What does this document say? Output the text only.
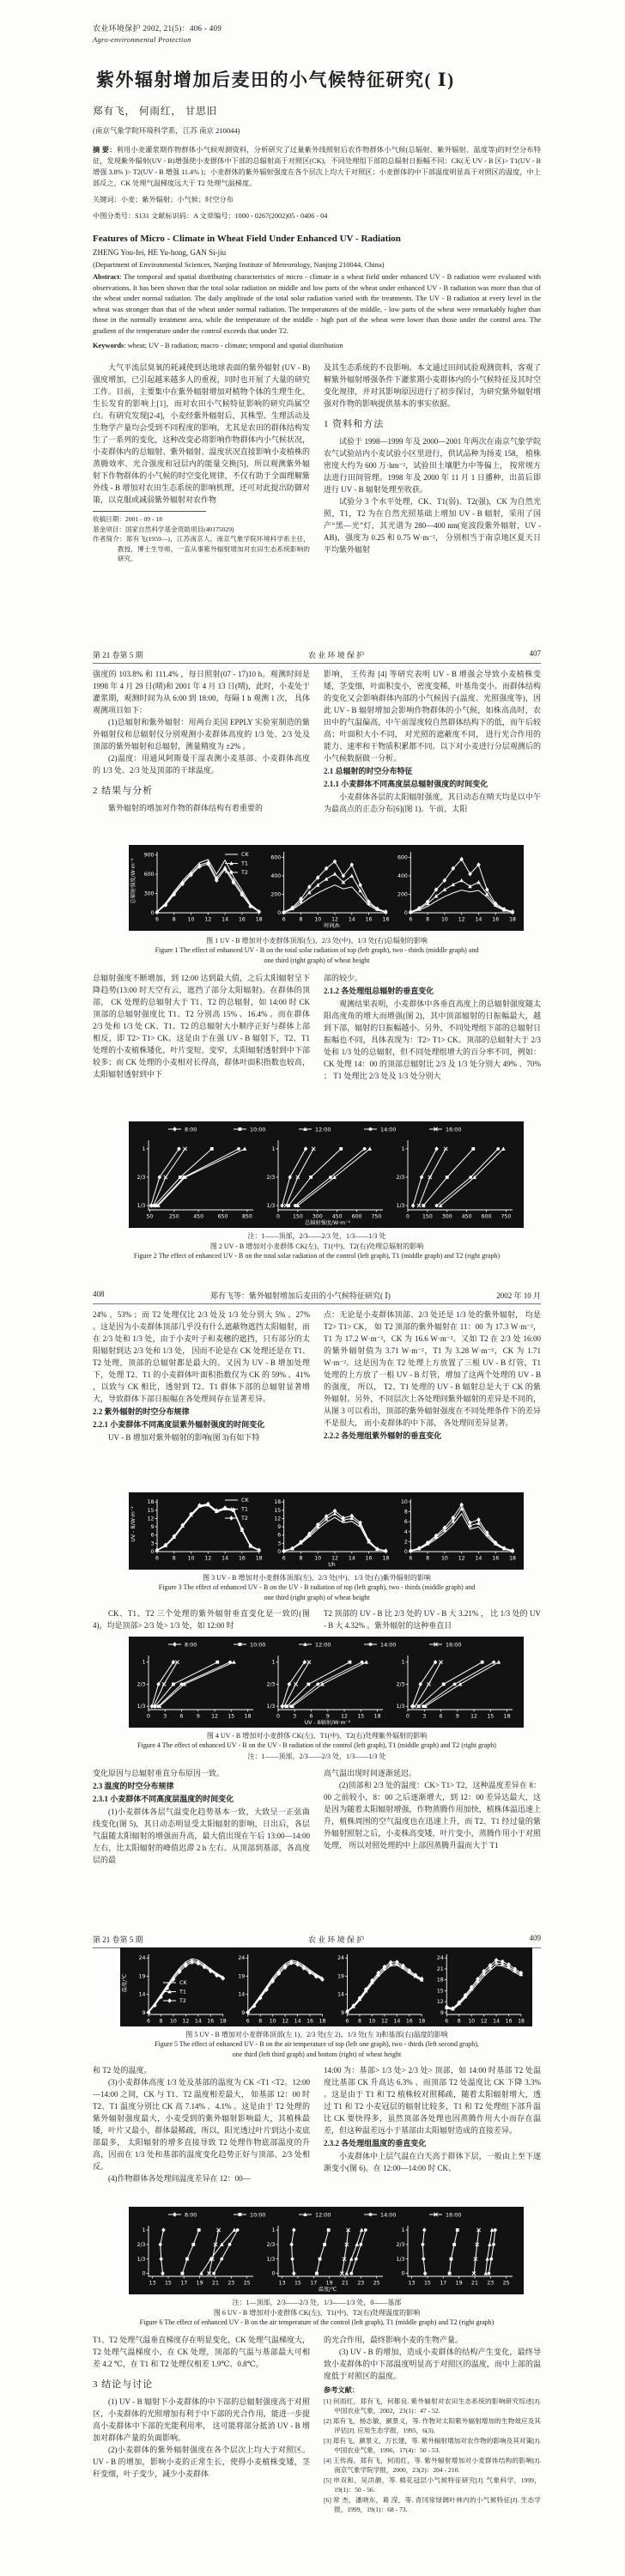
农业环境保护 2002, 21(5)：406 - 409
Agro-environmental Protection
紫外辐射增加后麦田的小气候特征研究( Ⅰ)
郑有飞， 何雨红， 甘思旧
(南京气象学院环境科学系，江苏 南京 210044)

摘 要：利用小麦灌浆期作物群体小气候观测资料，分析研究了过量紫外线照射后农作物群体小气候(总辐射、紫外辐射、温度等)的时空分布特征，发现紫外辐射(UV - B)增强使小麦群体中下部的总辐射高于对照区(CK)，不同处理组下部的总辐射日振幅不同：CK(无 UV - B 区)> T1(UV - B 增强 3.8% )> T2(UV - B 增强 11.4% )；小麦群体的紫外辐射强度在各个层次上均大于对照区；小麦群体的中下部温度明显高于对照区的温度，中上部反之，CK 处理气温梯度远大于 T2 处理气温梯度。

关键词：小麦；紫外辐射；小气候；时空分布

中图分类号：S131 文献标识码：A 文章编号：1000 - 0267(2002)05 - 0406 - 04

Features of Micro - Climate in Wheat Field Under Enhanced UV - Radiation
ZHENG You-fei, HE Yu-hong, GAN Si-jiu
(Department of Environmental Sciences, Nanjing Institute of Meteorology, Nanjing 210044, China)

Abstract: The temporal and spatial distributing characteristics of micro - climate in a wheat field under enhanced UV - B radiation were evaluated with observations. It has been shown that the total solar radiation on middle and low parts of the wheat under enhanced UV - B radiation was more than that of the wheat under normal radiation. The daily amplitude of the total solar radiation varied with the treatments. The UV - B radiation at every level in the wheat was stronger than that of the wheat under normal radiation. The temperatures of the middle, - low parts of the wheat were remarkably higher than those in the normally treatment area, while the temperature of the middle - high part of the wheat were lower than those under the control area. The gradient of the temperature under the control exceeds that under T2.

Keywords: wheat; UV - B radiation; macro - climate; temporal and spatial distribution

大气平流层臭氧的耗减使到达地球表面的紫外辐射 (UV - B) 强度增加，已引起越来越多人的重视，同时也开展了大量的研究工作。目前，主要集中在紫外辐射增加对植物个体的生理生化、生长发育的影响上[1]，而对农田小气候特征影响的研究尚属空白。有研究发现[2-4]，小麦经紫外辐射后，其株型、生理活动及生物学产量均会受到不同程度的影响，尤其是农田的群体结构发生了一系列的变化，这种改变必将影响作物群体内小气候状况，小麦群体内的总辐射、紫外辐射、温度状况直接影响小麦植株的蒸腾效率、光合强度和冠层内的能量交换[5]，所以观测紫外辐射下作物群体的小气候的时空变化规律，不仅有助于全面理解紫外线 - B 增加对农田生态系统的影响机理，还可对此提出防御对策，以克服或减弱紫外辐射对农作物

收稿日期：2001 - 09 - 18

基金项目：国家自然科学基金资助项目(40175029)

作者简介：郑有飞(1959—)，江苏南京人，南京气象学院环境科学系主任，教授，博士生导师，一直从事紫外辐射增加对农田生态系统影响的研究。

及其生态系统的不良影响。本文通过田间试验观测资料，客观了解紫外辐射增强条件下灌浆期小麦群体内的小气候特征及其时空变化规律，并对其影响原因进行了初步探讨，为研究紫外辐射增强对作物的影响提供基本的事实依据。

1 资料和方法

试验于 1998—1999 年及 2000—2001 年两次在南京气象学院农气试验站内小麦试验小区里进行，供试品种为扬麦 158， 植株密度大约为 600 万·hm⁻²，试验田土壤肥力中等偏上， 按常规方法进行田间管理。1998 年及 2000 年 11 月 1 日播种，出苗后即进行 UV - B 辐射处理至收获。

试验分 3 个水平处理，CK、T1(弱)、T2(强)，CK 为自然光照，T1，T2 为在自然光照基础上增加 UV - B 辐射，采用了国产“黑—光”灯，其光谱为 280—400 nm(宽波段紫外辐射，UV - AB)，强度为 0.25 和 0.75 W·m⁻²， 分别相当于南京地区夏天日平均紫外辐射

第 21 卷第 5 期	农 业 环 境 保 护	407

强度的 103.8% 和 111.4% ，每日照射(07 - 17)10 h。观测时间是 1998 年 4 月 29 日(晴)和 2001 年 4 月 13 日(晴)，此时，小麦处于灌浆期，观测时间为从 6:00 到 18:00，每隔 1 h 观测 1 次， 具体观测项目如下：

(1)总辐射和紫外辐射：用两台美国 EPPLY 实验室制造的紫外辐射仪和总辐射仪分别观测小麦群体高度的 1/3 处、2/3 处及顶部的紫外辐射和总辐射，测量精度为 ±2% 。

(2)温度：用通风阿斯曼干湿表测小麦基部、小麦群体高度的 1/3 处、2/3 处及顶部的干球温度。

2 结果与分析

紫外辐射的增加对作物的群体结构有着重要的

影响， 王传海 [4] 等研究表明 UV - B 增强会导致小麦植株变矮，茎变细，叶面积变小，密度变稀，叶基角变小。而群体结构的变化又会影响群体内部的小气候因子(温度、光照强度等)，因此 UV - B 辐射增加会影响作物群体的小气候，如株高高时，农田中的气温偏高，中午前湿度较自然群体结构下的低，而午后较高；叶面积大小不同， 对光照的遮蔽度不同， 进行光合作用的能力、速率和干物质积累都不同。以下对小麦进行分层观测后的小气候数据做一分析。

2.1 总辐射的时空分布特征

2.1.1 小麦群体不同高度层总辐射强度的时间变化

小麦群体各层的太阳辐射强度，其日动态在晴天均是以中午为最高点的正态分布[6](图 1)。午前，太阳

0
300
600
900
6	8 10 12 14 16 18
0
200
400
600
6	8 10 12 14 16 18
0
200
400
600
6	8 10 12 14 16 18
总辐射强度/W·m⁻²
时间/h
CK
T1
T2

图 1 UV - B 增加对小麦群体顶部(左)、2/3 处(中)、1/3 处(右)总辐射的影响

Figure 1 The effect of enhanced UV - B on the total solar radiation of top (left graph), two - thirds (middle graph) and

one third (right graph) of wheat height

总辐射强度不断增加，到 12:00 达到最大值，之后太阳辐射呈下降趋势(13:00 时天空有云，遮挡了部分太阳辐射)。在群体的顶部， CK 处理的总辐射大于 T1、T2 的总辐射，如 14:00 时 CK 顶部的总辐射强度比 T1、T2 分别高 15% 、16.4% 。而在群体 2/3 处和 1/3 处 CK、T1、T2 的总辐射大小顺序正好与群体上部相反，即 T2> T1> CK。这是由于在强 UV - B 辐射下，T2、T1 处理的小麦植株矮化，叶片变短、变窄，太阳辐射透射到中下部较多；而 CK 处理的小麦相对长得高，群体叶面积指数也较高，太阳辐射透射到中下

部的较少。

2.1.2 各处理组总辐射的垂直变化

观测结果表明，小麦群体中各垂直高度上的总辐射强度随太阳高度角的增大而增强(图 2)，其中顶部辐射的日振幅最大，越到下部，辐射的日振幅越小。另外，不同处理组下部的总辐射日振幅也不同，具体表现为：T2> T1> CK。顶部的总辐射大于 2/3 处和 1/3 处的总辐射，但不同处理组增大的百分率不同，例如：CK 处理 14：00 的顶部总辐射比 2/3 及 1/3 处分别大 49% 、70% ； T1 处理比 2/3 处及 1/3 处分别大

1/3
2/3
1
50	250	450	650	850
1/3
2/3
1
0 150 300 450 600 750
1/3
2/3
1
0 150 300 450 600 750
总辐射强度/W·m⁻²
8:00	10:00	12:00	14:00	16:00

注：1——顶部，2/3——2/3 处，1/3——1/3 处

图 2 UV - B 增加对小麦群体 CK(左)、T1(中)、T2(右)处理总辐射的影响

Figure 2 The effect of enhanced UV - B on the total solar radiation of the control (left graph), T1 (middle graph) and T2 (right graph)

408	郑有飞等：紫外辐射增加后麦田的小气候特征研究( Ⅰ)	2002 年 10 月

24% 、53% ；而 T2 处理仅比 2/3 处及 1/3 处分别大 5% 、27% 。这是因为小麦群体顶部几乎没有什么遮蔽物遮挡太阳辐射，而在 2/3 处和 1/3 处，由于小麦叶子和麦穗的遮挡，只有部分的太阳辐射到达 2/3 处和 1/3 处， 因而不论是在 CK 处理还是在 T1、T2 处理，顶部的总辐射都是最大的。又因为 UV - B 增加处理下，处理 T2、T1 的小麦群体叶面积指数仅为 CK 的 59% 、41% ，以致与 CK 相比，透射到 T2、T1 群体下部的总辐射显著增大，导致群体下部日振幅在各处理间存在显著差异。

2.2 紫外辐射的时空分布规律

2.2.1 小麦群体不同高度层紫外辐射强度的时间变化

UV - B 增加对紫外辐射的影响(图 3)有如下特

点：无论是小麦群体顶部、2/3 处还是 1/3 处的紫外辐射， 均是 T2> T1> CK， 如 T2 顶部的紫外辐射在 11：00 为 17.3 W·m⁻²，T1 为 17.2 W·m⁻²，CK 为 16.6 W·m⁻²。又如 T2 在 2/3 处 16:00 的紫外辐射值为 3.71 W·m⁻²，T1 为 3.28 W·m⁻²，CK 为 1.71 W·m⁻²。这是因为在 T2 处理上方放置了三根 UV - B 灯管，T1 处理的上方放了一根 UV - B 灯管，增加了这两个处理的 UV - B 的强度， 所以， T2、T1 处理的 UV - B 辐射总是大于 CK 的紫外辐射。另外，不同层次上各处理间紫外辐射的差异是不同的，从图 3 可以看出，顶部的紫外辐射强度在不同处理条件下的差异不是很大， 而小麦群体的中下部， 各处理间差异显著。

2.2.2 各处理组紫外辐射的垂直变化

0
3
6
9
12
15
18
6	8 10 12 14 16 18
0
3
6
9
12
15
18
6	8 10 12 14 16 18
0
2
4
6
8
10
6	8 10 12 14 16 18
UV - B/W·m⁻²
t/h
CK
T1
T2

图 3 UV - B 增加对小麦群体顶部(左)、2/3 处(中)、1/3 处(右)紫外辐射的影响

Figure 3 The effect of enhanced UV - B on the UV - B radiation of top (left graph), two - thirds (middle graph) and

one third (right graph) of wheat height

CK、T1、T2 三个处理的紫外辐射垂直变化是一致的(图 4)，均是顶部> 2/3 处> 1/3 处，如 12:00 时

T2 顶部的 UV - B 比 2/3 处的 UV - B 大 3.21% ， 比 1/3 处的 UV - B 大 4.32% 。紫外辐射的这种垂直日

1/3
2/3
1
0 3 6 9 12 15 18
1/3
2/3
1
0 3 6 9 12 15 18
1/3
2/3
1
0 3 6 9 12 15 18
UV - B辐射/W·m⁻²
8:00	10:00	12:00	14:00	16:00

图 4 UV - B 增加对小麦群体 CK(左)、T1(中)、T2(右)处理紫外辐射的影响

Figure 4 The effect of enhanced UV - B on the UV - B radiation of the control (left graph), T1 (middle graph) and T2 (right graph)

注：1——顶部，2/3——2/3 处，1/3——1/3 处

变化原因与总辐射垂直分布原因一致。

2.3 温度的时空分布规律

2.3.1 小麦群体不同高度层温度的时间变化

(1)小麦群体各层气温变化趋势基本一致，大致呈一正弦曲线变化(图 5)，其日动态明显受太阳辐射的影响，日出后，各层气温随太阳辐射的增强而升高，最大值出现在午后 13:00—14:00 左右，比太阳辐射的峰值迟滞 2 h 左右。从顶部到基部，各高度层的最

高气温出现时间逐渐延迟。

(2)顶部和 2/3 处的温度：CK> T1> T2，这种温度差异在 8：00 之前较小，8：00 之后逐渐增大，到 12：00 差异达最大，这是因为随着太阳辐射增强，作物蒸腾作用加快，植株体温迅速上升，植株周围的空气温度也在迅速上升，而 T2、T1 经过量的紫外辐射照射之后，小麦株高变矮，叶片变小，蒸腾作用小于对照处理， 所以对照处理的中上部因蒸腾升温而大于 T1

第 21 卷第 5 期	农 业 环 境 保 护	409
9
14
19
24
6 8 10 12 14 16 18
9
14
19
24
6 8 10 12 14 16 18
9
14
19
24
6 8 10 12 14 16 18
9
12
15
18
21
24
6 8 10 12 14 16 18
温度/℃	CK
T1
T2

图 5 UV - B 增加对小麦群体顶部(左 1)、2/3 处(左 2)、1/3 处(左 3)和基部(右)温度的影响

Figure 5 The effect of enhanced UV - B on the air temperature of top (left one graph), two - thirds (left second graph),

one third (left third graph) and bottom (right) of wheat height

和 T2 处的温度。

(3)小麦群体高度 1/3 处及基部的温度为 CK <T1 <T2。12:00—14:00 之间，CK 与 T1、T2 温度相差最大， 如基部 12：00 时 T2、T1 温度分别比 CK 高 7.14% 、4.1% 。这是由于 T2 处理的紫外辐射强度最大，小麦受到的紫外辐射影响最大，其植株最矮，叶片又最小，群体最稀疏，所以，阳光透过叶片到达小麦底部最多， 太阳辐射的增多直接导致 T2 处理作物底部温度的升高，因而在 1/3 处和基部的温度变化趋势正好与顶部、2/3 处相反。

(4)作物群体各处理间温度差异在 12：00—

14:00 为：基部> 1/3 处> 2/3 处> 顶部，如 14:00 时基部 T2 处温度比基部 CK 升高达 6.3% 、而顶部 T2 处温度比 CK 下降 3.3% 。这是由于 T1 和 T2 植株较对照稀疏，随着太阳辐射增大，透过 T1 和 T2 小麦冠层的辐射比较多，T1 和 T2 处理组下部升温比 CK 要快得多，虽然顶部各处理也因蒸腾作用大小而存在温差，但这种温差远小于基部由太阳辐射造成的直接差异。

2.3.2 各处理组温度的垂直变化

小麦群体中上层气温在白天高于群体下层，一般由上至下逐渐变小(图 6)。在 12:00—14:00 时 CK、

0
1/3
2/3
1
13 15 17 19 21 23 25
0
1/3
2/3
1
13 15 17 19 21 23 25
0
1/3
2/3
1
13 15 17 19 21 23 25
温度/℃
8:00	10:00	12:00	14:00	16:00

注：1—顶部，2/3——2/3 处，1/3——1/3 处，0——基部

图 6 UV - B 增加对小麦群体 CK(左)、T1(中)、T2(右)处理温度的影响

Figure 6 The effect of enhanced UV - B on the air temperature of the control (left graph), T1 (middle graph) and T2 (right graph)

T1、T2 处理气温垂直梯度存在明显变化，CK 处理气温梯度大，T2 处理气温梯度小，在 CK 处理，顶部的气温与基部最大可相差 4.2 ℃，在 T1 和 T2 处理仅相差 1.9℃、0.8℃。

3 结论与讨论

(1) UV - B 辐射下小麦群体的中下部的总辐射强度高于对照区，小麦群体的光照增加有利于中下部的光合作用，能进一步提高小麦群体中下部的光能利用率， 这可能将部分抵消 UV - B 增加对群体产量的负面影响。

(2)小麦群体的紫外辐射强度在各个层次上均大于对照区。UV - B 的增加，影响小麦的正常生长，使得小麦植株变矮，茎秆变细，叶子变少，减少小麦群体

的光合作用，最终影响小麦的生物产量。

(3) UV - B 的增加，造成小麦群体的结构产生变化，最终导致小麦群体的中下部温度明显高于对照区的温度，而中上部的温度低于对照区的温度。

参考文献：

[1] 何雨红，郑有飞，何都良. 紫外辐射对农田生态系统的影响研究综述[J]. 中国农业气象，2002，23(1)：47 - 52.

[2] 郑有飞，杨志敏，颜景义，等. 作物对太阳紫外辐射增加的生物效应及其评估[J]. 应用生态学报，1995，6(3).

[3] 郑有飞，颜景义，万长建，等. 紫外辐射增加对农作物的影响及其对策[J]. 中国农业气象，1996，17(4)：50 - 53.

[4] 王传海，郑有飞，何雨红，等. 紫外辐射增加对小麦群体结构的影响[J]. 南京气象学院学报，2000，23(2)：204 - 210.

[5] 申双和，吴洪颜，等. 棉花冠层小气候特征研究[J]. 气象科学，1999，19(1)：50 - 56.

[6] 常 杰，潘晓东，葛 滢，等. 青冈常绿阔叶林内的小气候特征[J]. 生态学报，1999，19(1)：68 - 73.
